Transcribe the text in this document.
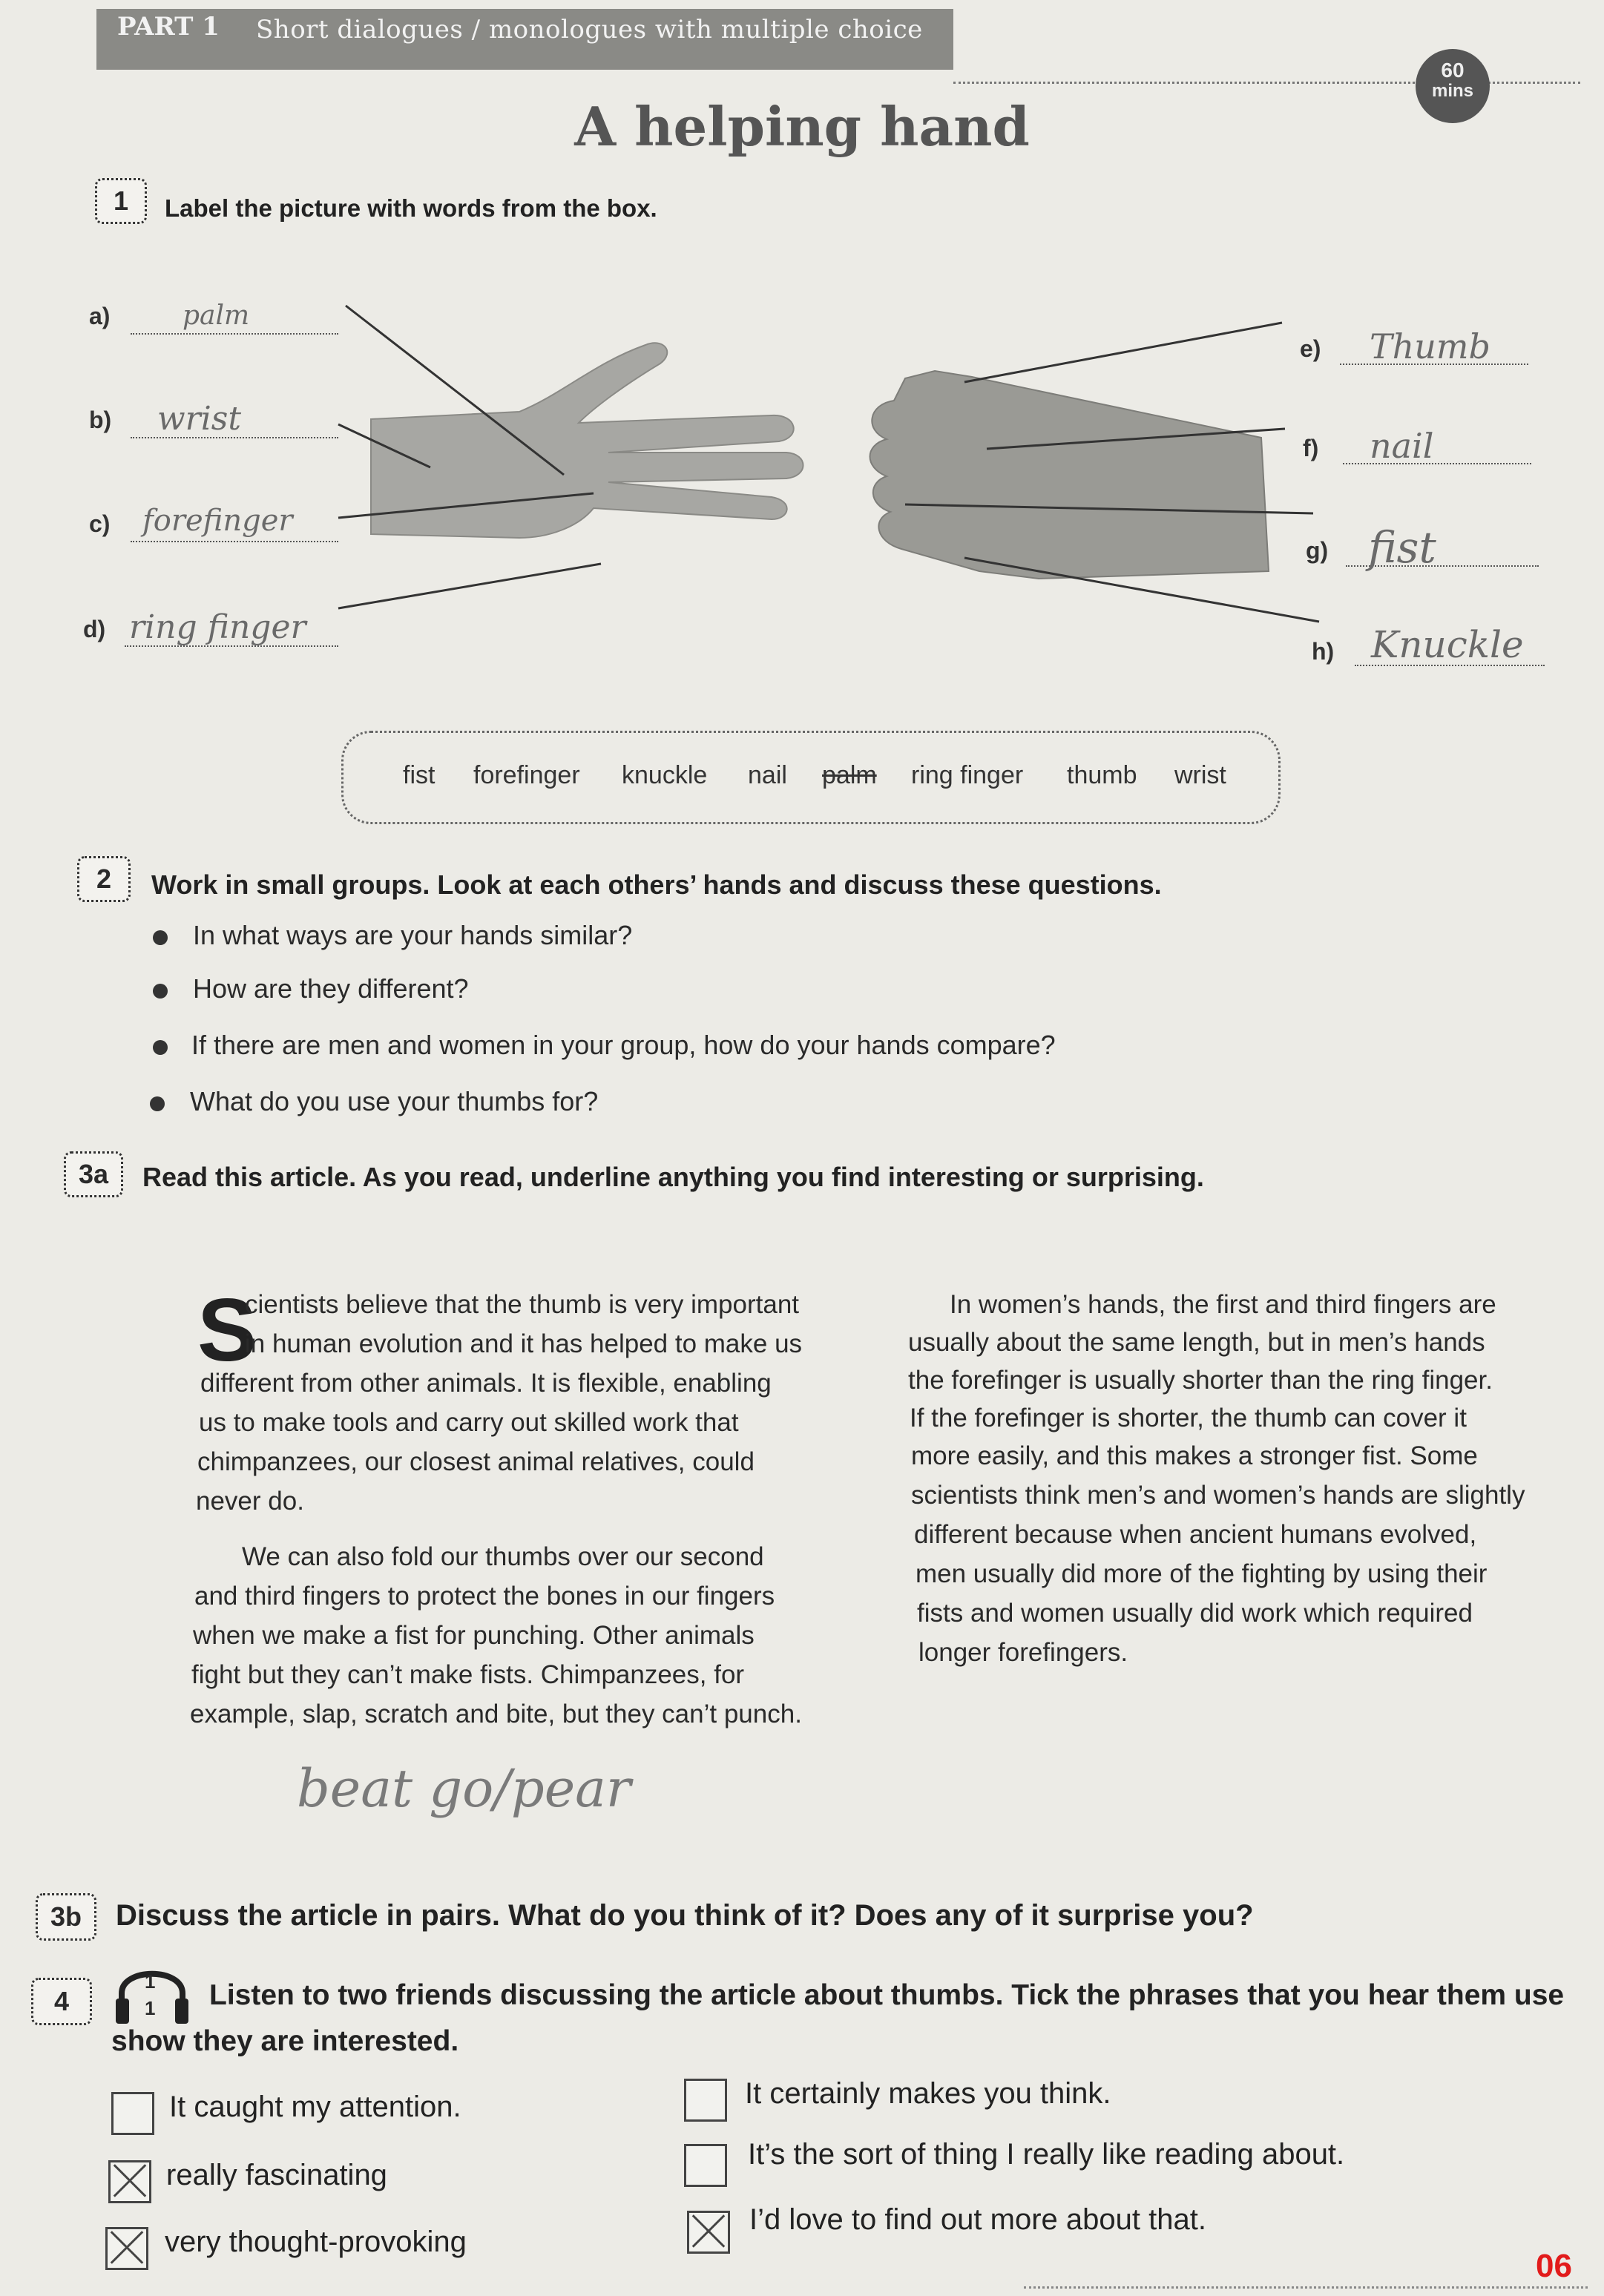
PART 1 Short dialogues / monologues with multiple choice
60
mins
A helping hand
1	Label the picture with words from the box.
a)	palm
b) wrist
c) forefinger
d) ring finger
e) Thumb
f) nail
g) fist
h) Knuckle
fist forefinger knuckle nail palm ring finger thumb wrist
2	Work in small groups. Look at each others’ hands and discuss these questions.
In what ways are your hands similar?
How are they different?
If there are men and women in your group, how do your hands compare?
What do you use your thumbs for?
3a	Read this article. As you read, underline anything you find interesting or surprising.
S
cientists believe that the thumb is very important
in human evolution and it has helped to make us
different from other animals. It is flexible, enabling
us to make tools and carry out skilled work that
chimpanzees, our closest animal relatives, could
never do.
We can also fold our thumbs over our second
and third fingers to protect the bones in our fingers
when we make a fist for punching. Other animals
fight but they can’t make fists. Chimpanzees, for
example, slap, scratch and bite, but they can’t punch.
In women’s hands, the first and third fingers are
usually about the same length, but in men’s hands
the forefinger is usually shorter than the ring finger.
If the forefinger is shorter, the thumb can cover it
more easily, and this makes a stronger fist. Some
scientists think men’s and women’s hands are slightly
different because when ancient humans evolved,
men usually did more of the fighting by using their
fists and women usually did work which required
longer forefingers.
beat go/pear
3b	Discuss the article in pairs. What do you think of it? Does any of it surprise you?
4
1
1 Listen to two friends discussing the article about thumbs. Tick the phrases that you hear them use
show they are interested.
It caught my attention.
really fascinating
very thought-provoking
It certainly makes you think.
It’s the sort of thing I really like reading about.
I’d love to find out more about that.
06
